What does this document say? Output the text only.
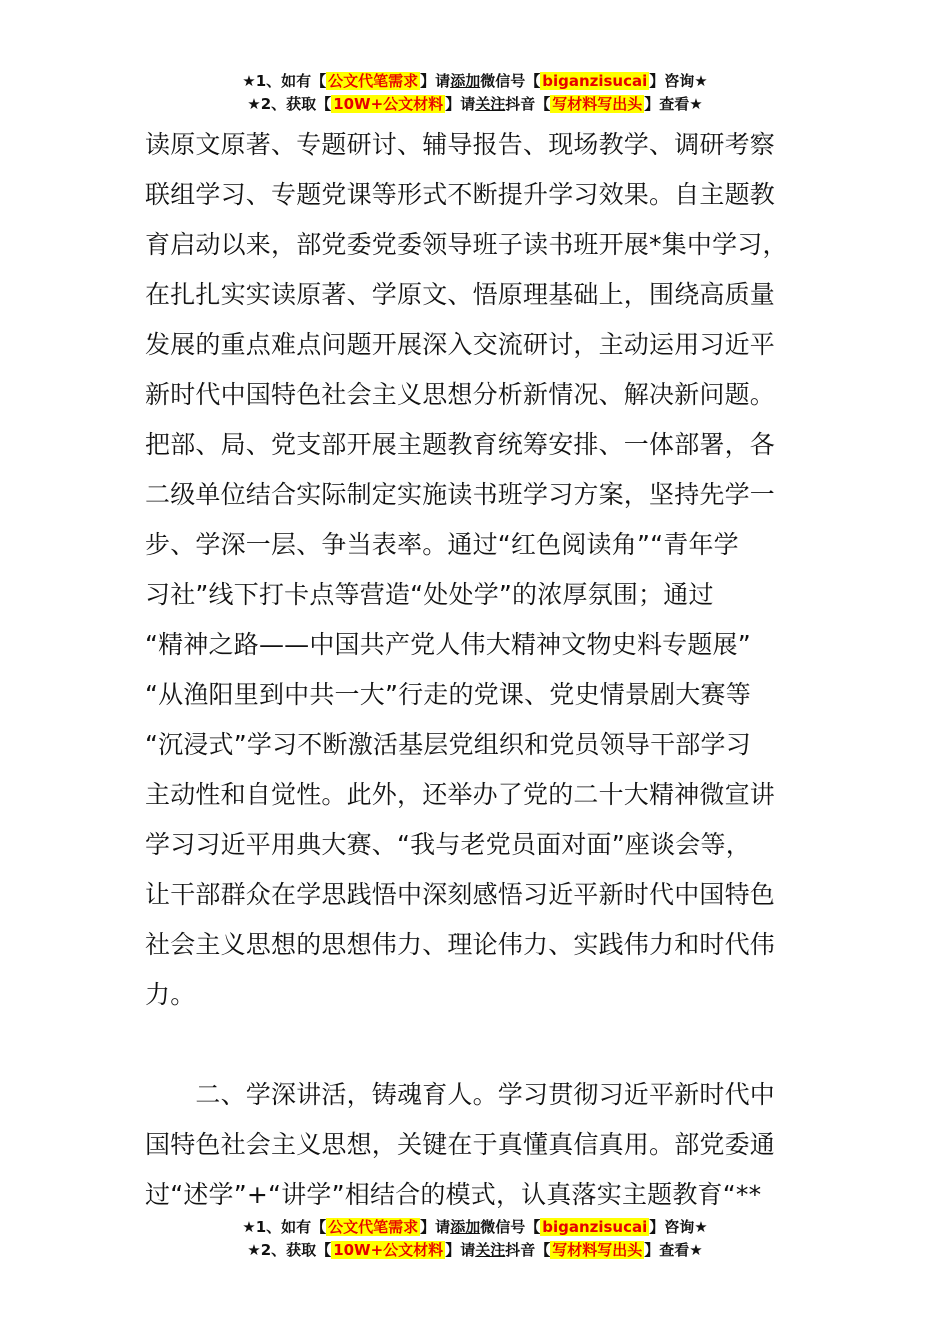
★1、如有【 公文代笔需求 】请添加微信号【 biganzisucai 】咨询★
★2、获取【 10W+公文材料 】请关注抖音【 写材料写出头 】查看★
读原文原著、专题研讨、辅导报告、现场教学、调研考察
联组学习、专题党课等形式不断提升学习效果。自主题教
育启动以来，部党委党委领导班子读书班开展*集中学习，
在扎扎实实读原著、学原文、悟原理基础上，围绕高质量
发展的重点难点问题开展深入交流研讨，主动运用习近平
新时代中国特色社会主义思想分析新情况、解决新问题。
把部、局、党支部开展主题教育统筹安排、一体部署，各
二级单位结合实际制定实施读书班学习方案，坚持先学一
步、学深一层、争当表率。通过“红色阅读角”“青年学
习社”线下打卡点等营造“处处学”的浓厚氛围；通过
“精神之路——中国共产党人伟大精神文物史料专题展”
“从渔阳里到中共一大”行走的党课、党史情景剧大赛等
“沉浸式”学习不断激活基层党组织和党员领导干部学习
主动性和自觉性。此外，还举办了党的二十大精神微宣讲
学习习近平用典大赛、“我与老党员面对面”座谈会等，
让干部群众在学思践悟中深刻感悟习近平新时代中国特色
社会主义思想的思想伟力、理论伟力、实践伟力和时代伟
力。
　　二、学深讲活，铸魂育人。学习贯彻习近平新时代中
国特色社会主义思想，关键在于真懂真信真用。部党委通
过“述学”+“讲学”相结合的模式，认真落实主题教育“**
★1、如有【 公文代笔需求 】请添加微信号【 biganzisucai 】咨询★
★2、获取【 10W+公文材料 】请关注抖音【 写材料写出头 】查看★
